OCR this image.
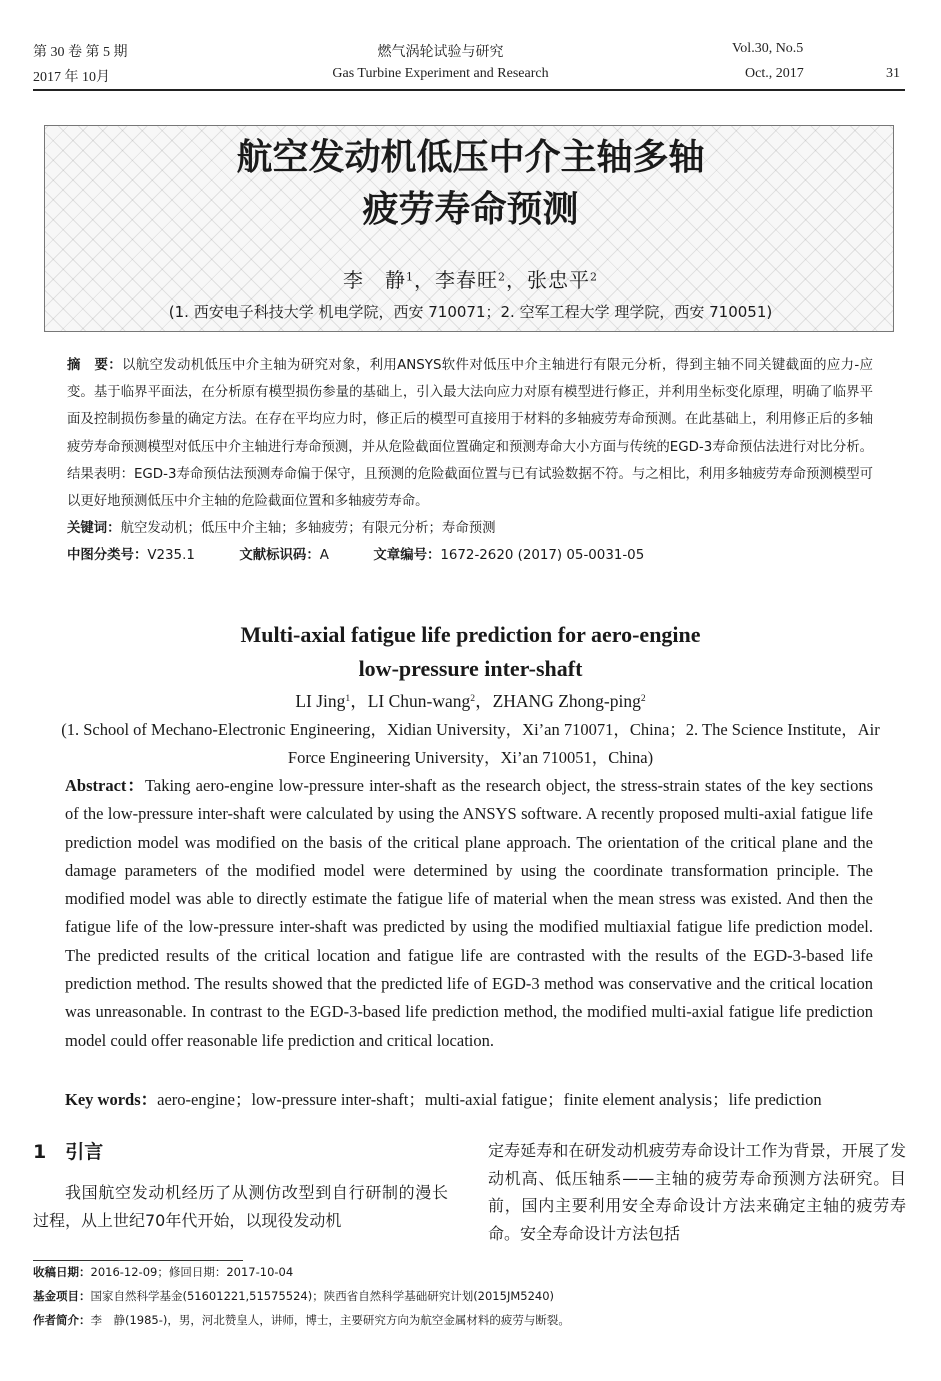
第 30 卷 第 5 期
2017 年 10月
燃气涡轮试验与研究
Gas Turbine Experiment and Research
Vol.30, No.5
Oct., 2017	31
航空发动机低压中介主轴多轴
疲劳寿命预测
李　静$^1$，李春旺$^2$，张忠平$^2$
(1. 西安电子科技大学 机电学院，西安 710071；2. 空军工程大学 理学院，西安 710051)
摘　要：以航空发动机低压中介主轴为研究对象，利用ANSYS软件对低压中介主轴进行有限元分析，得到主轴不同关键截面的应力-应变。基于临界平面法，在分析原有模型损伤参量的基础上，引入最大法向应力对原有模型进行修正，并利用坐标变化原理，明确了临界平面及控制损伤参量的确定方法。在存在平均应力时，修正后的模型可直接用于材料的多轴疲劳寿命预测。在此基础上，利用修正后的多轴疲劳寿命预测模型对低压中介主轴进行寿命预测，并从危险截面位置确定和预测寿命大小方面与传统的EGD-3寿命预估法进行对比分析。结果表明：EGD-3寿命预估法预测寿命偏于保守，且预测的危险截面位置与已有试验数据不符。与之相比，利用多轴疲劳寿命预测模型可以更好地预测低压中介主轴的危险截面位置和多轴疲劳寿命。
关键词：航空发动机；低压中介主轴；多轴疲劳；有限元分析；寿命预测
中图分类号：V235.1	文献标识码：A	文章编号：1672-2620 (2017) 05-0031-05
Multi-axial fatigue life prediction for aero-engine
low-pressure inter-shaft
LI Jing$^1$，LI Chun-wang$^2$，ZHANG Zhong-ping$^2$
(1. School of Mechano-Electronic Engineering，Xidian University，Xi’an 710071，China；2. The Science Institute，Air Force Engineering University，Xi’an 710051，China)
Abstract：Taking aero-engine low-pressure inter-shaft as the research object, the stress-strain states of the key sections of the low-pressure inter-shaft were calculated by using the ANSYS software. A recently proposed multi-axial fatigue life prediction model was modified on the basis of the critical plane approach. The orientation of the critical plane and the damage parameters of the modified model were determined by using the coordinate transformation principle. The modified model was able to directly estimate the fatigue life of material when the mean stress was existed. And then the fatigue life of the low-pressure inter-shaft was predicted by using the modified multiaxial fatigue life prediction model. The predicted results of the critical location and fatigue life are contrasted with the results of the EGD-3-based life prediction method. The results showed that the predicted life of EGD-3 method was conservative and the critical location was unreasonable. In contrast to the EGD-3-based life prediction method, the modified multi-axial fatigue life prediction model could offer reasonable life prediction and critical location.
Key words：aero-engine；low-pressure inter-shaft；multi-axial fatigue；finite element analysis；life prediction
1　引言
我国航空发动机经历了从测仿改型到自行研制的漫长过程，从上世纪70年代开始，以现役发动机
定寿延寿和在研发动机疲劳寿命设计工作为背景，开展了发动机高、低压轴系——主轴的疲劳寿命预测方法研究。目前，国内主要利用安全寿命设计方法来确定主轴的疲劳寿命。安全寿命设计方法包括
收稿日期：2016-12-09；修回日期：2017-10-04
基金项目：国家自然科学基金(51601221,51575524)；陕西省自然科学基础研究计划(2015JM5240)
作者简介：李　静(1985-)，男，河北赞皇人，讲师，博士，主要研究方向为航空金属材料的疲劳与断裂。
